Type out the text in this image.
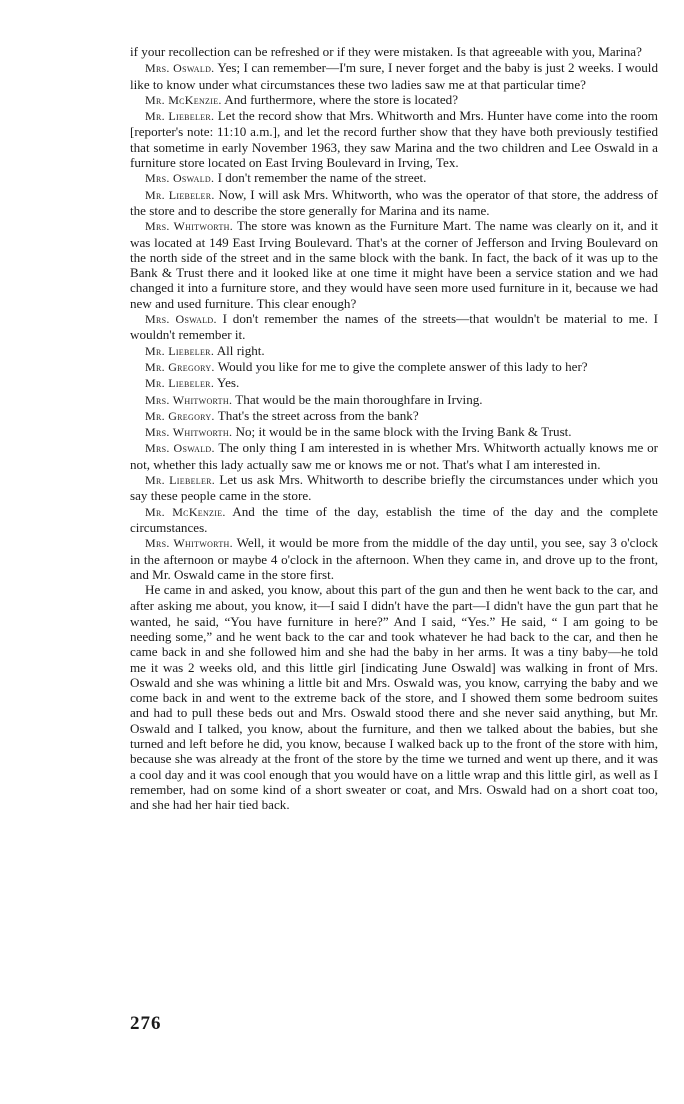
if your recollection can be refreshed or if they were mistaken. Is that agreeable with you, Marina?

Mrs. Oswald. Yes; I can remember—I'm sure, I never forget and the baby is just 2 weeks. I would like to know under what circumstances these two ladies saw me at that particular time?

Mr. McKenzie. And furthermore, where the store is located?

Mr. Liebeler. Let the record show that Mrs. Whitworth and Mrs. Hunter have come into the room [reporter's note: 11:10 a.m.], and let the record further show that they have both previously testified that sometime in early November 1963, they saw Marina and the two children and Lee Oswald in a furniture store located on East Irving Boulevard in Irving, Tex.

Mrs. Oswald. I don't remember the name of the street.

Mr. Liebeler. Now, I will ask Mrs. Whitworth, who was the operator of that store, the address of the store and to describe the store generally for Marina and its name.

Mrs. Whitworth. The store was known as the Furniture Mart. The name was clearly on it, and it was located at 149 East Irving Boulevard. That's at the corner of Jefferson and Irving Boulevard on the north side of the street and in the same block with the bank. In fact, the back of it was up to the Bank & Trust there and it looked like at one time it might have been a service station and we had changed it into a furniture store, and they would have seen more used furniture in it, because we had new and used furniture. This clear enough?

Mrs. Oswald. I don't remember the names of the streets—that wouldn't be material to me. I wouldn't remember it.

Mr. Liebeler. All right.

Mr. Gregory. Would you like for me to give the complete answer of this lady to her?

Mr. Liebeler. Yes.

Mrs. Whitworth. That would be the main thoroughfare in Irving.

Mr. Gregory. That's the street across from the bank?

Mrs. Whitworth. No; it would be in the same block with the Irving Bank & Trust.

Mrs. Oswald. The only thing I am interested in is whether Mrs. Whitworth actually knows me or not, whether this lady actually saw me or knows me or not. That's what I am interested in.

Mr. Liebeler. Let us ask Mrs. Whitworth to describe briefly the circumstances under which you say these people came in the store.

Mr. McKenzie. And the time of the day, establish the time of the day and the complete circumstances.

Mrs. Whitworth. Well, it would be more from the middle of the day until, you see, say 3 o'clock in the afternoon or maybe 4 o'clock in the afternoon. When they came in, and drove up to the front, and Mr. Oswald came in the store first.

He came in and asked, you know, about this part of the gun and then he went back to the car, and after asking me about, you know, it—I said I didn't have the part—I didn't have the gun part that he wanted, he said, “You have furniture in here?” And I said, “Yes.” He said, “ I am going to be needing some,” and he went back to the car and took whatever he had back to the car, and then he came back in and she followed him and she had the baby in her arms. It was a tiny baby—he told me it was 2 weeks old, and this little girl [indicating June Oswald] was walking in front of Mrs. Oswald and she was whining a little bit and Mrs. Oswald was, you know, carrying the baby and we come back in and went to the extreme back of the store, and I showed them some bedroom suites and had to pull these beds out and Mrs. Oswald stood there and she never said anything, but Mr. Oswald and I talked, you know, about the furniture, and then we talked about the babies, but she turned and left before he did, you know, because I walked back up to the front of the store with him, because she was already at the front of the store by the time we turned and went up there, and it was a cool day and it was cool enough that you would have on a little wrap and this little girl, as well as I remember, had on some kind of a short sweater or coat, and Mrs. Oswald had on a short coat too, and she had her hair tied back.

276
